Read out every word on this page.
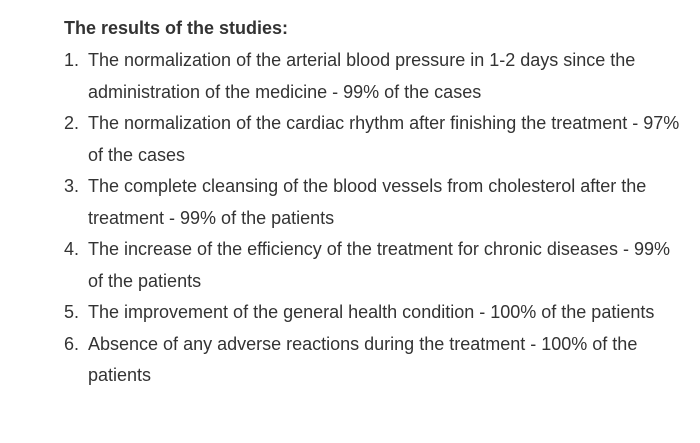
The results of the studies:
1. The normalization of the arterial blood pressure in 1-2 days since the administration of the medicine - 99% of the cases
2. The normalization of the cardiac rhythm after finishing the treatment - 97% of the cases
3. The complete cleansing of the blood vessels from cholesterol after the treatment - 99% of the patients
4. The increase of the efficiency of the treatment for chronic diseases - 99% of the patients
5. The improvement of the general health condition - 100% of the patients
6. Absence of any adverse reactions during the treatment - 100% of the patients
